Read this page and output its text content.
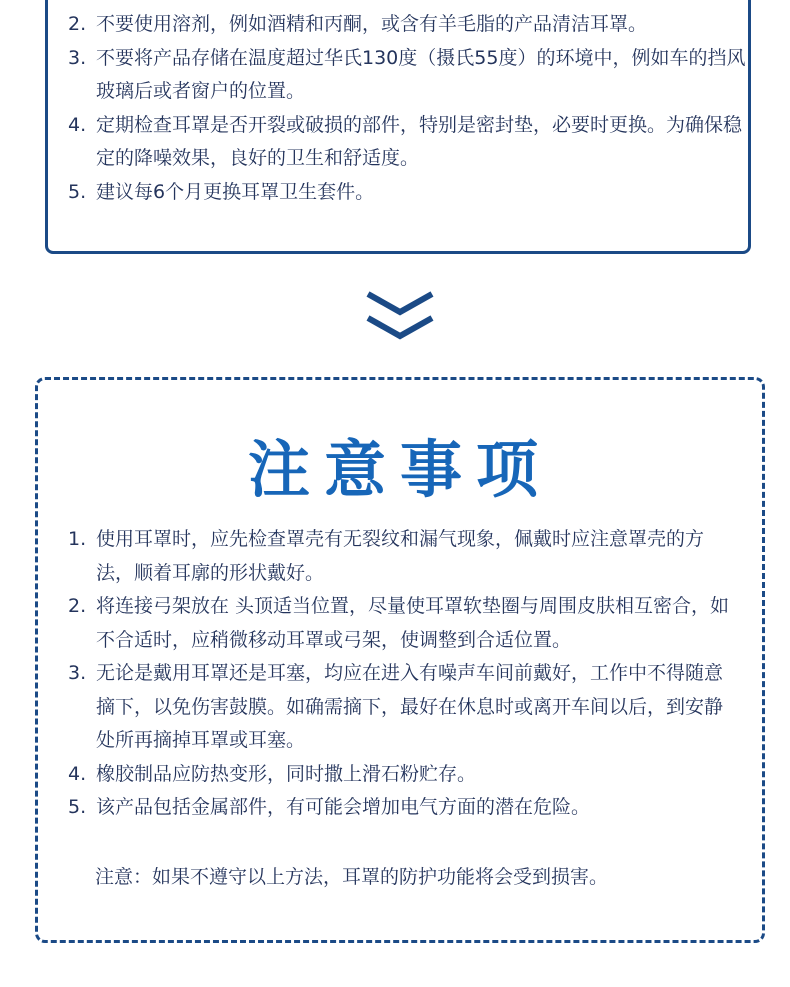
2. 不要使用溶剂，例如酒精和丙酮，或含有羊毛脂的产品清洁耳罩。
3. 不要将产品存储在温度超过华氏130度（摄氏55度）的环境中，例如车的挡风玻璃后或者窗户的位置。
4. 定期检查耳罩是否开裂或破损的部件，特别是密封垫，必要时更换。为确保稳定的降噪效果，良好的卫生和舒适度。
5. 建议每6个月更换耳罩卫生套件。
注意事项
1. 使用耳罩时，应先检查罩壳有无裂纹和漏气现象，佩戴时应注意罩壳的方法，顺着耳廓的形状戴好。
2. 将连接弓架放在 头顶适当位置，尽量使耳罩软垫圈与周围皮肤相互密合，如不合适时，应稍微移动耳罩或弓架，使调整到合适位置。
3. 无论是戴用耳罩还是耳塞，均应在进入有噪声车间前戴好，工作中不得随意摘下，以免伤害鼓膜。如确需摘下，最好在休息时或离开车间以后，到安静处所再摘掉耳罩或耳塞。
4. 橡胶制品应防热变形，同时撒上滑石粉贮存。
5. 该产品包括金属部件，有可能会增加电气方面的潜在危险。
注意：如果不遵守以上方法，耳罩的防护功能将会受到损害。
